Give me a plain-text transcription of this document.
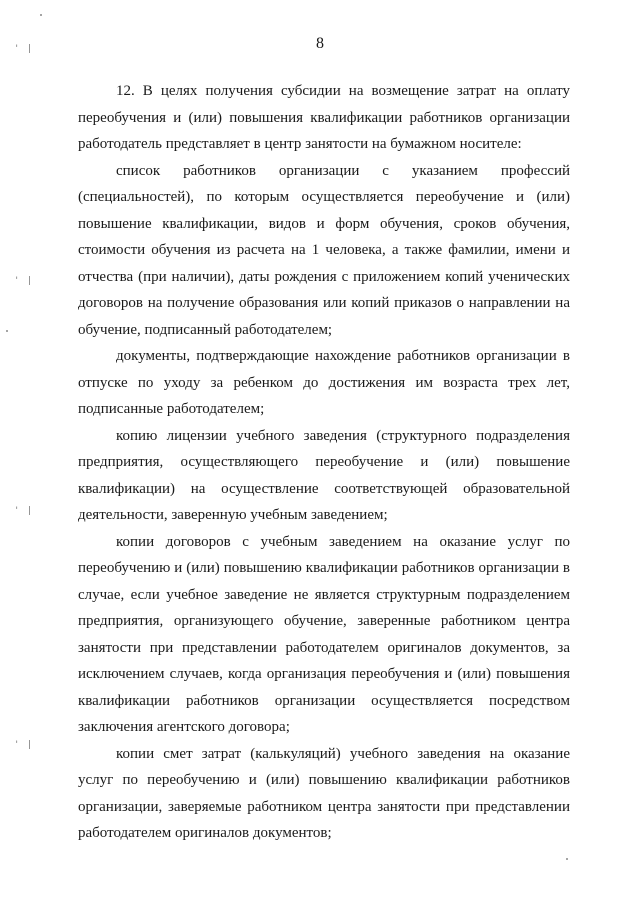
' |
' |
' |
' |
8

12. В целях получения субсидии на возмещение затрат на оплату переобучения и (или) повышения квалификации работников организации работодатель представляет в центр занятости на бумажном носителе:

список работников организации с указанием профессий (специальностей), по которым осуществляется переобучение и (или) повышение квалификации, видов и форм обучения, сроков обучения, стоимости обучения из расчета на 1 человека, а также фамилии, имени и отчества (при наличии), даты рождения с приложением копий ученических договоров на получение образования или копий приказов о направлении на обучение, подписанный работодателем;

документы, подтверждающие нахождение работников организации в отпуске по уходу за ребенком до достижения им возраста трех лет, подписанные работодателем;

копию лицензии учебного заведения (структурного подразделения предприятия, осуществляющего переобучение и (или) повышение квалификации) на осуществление соответствующей образовательной деятельности, заверенную учебным заведением;

копии договоров с учебным заведением на оказание услуг по переобучению и (или) повышению квалификации работников организации в случае, если учебное заведение не является структурным подразделением предприятия, организующего обучение, заверенные работником центра занятости при представлении работодателем оригиналов документов, за исключением случаев, когда организация переобучения и (или) повышения квалификации работников организации осуществляется посредством заключения агентского договора;

копии смет затрат (калькуляций) учебного заведения на оказание услуг по переобучению и (или) повышению квалификации работников организации, заверяемые работником центра занятости при представлении работодателем оригиналов документов;
